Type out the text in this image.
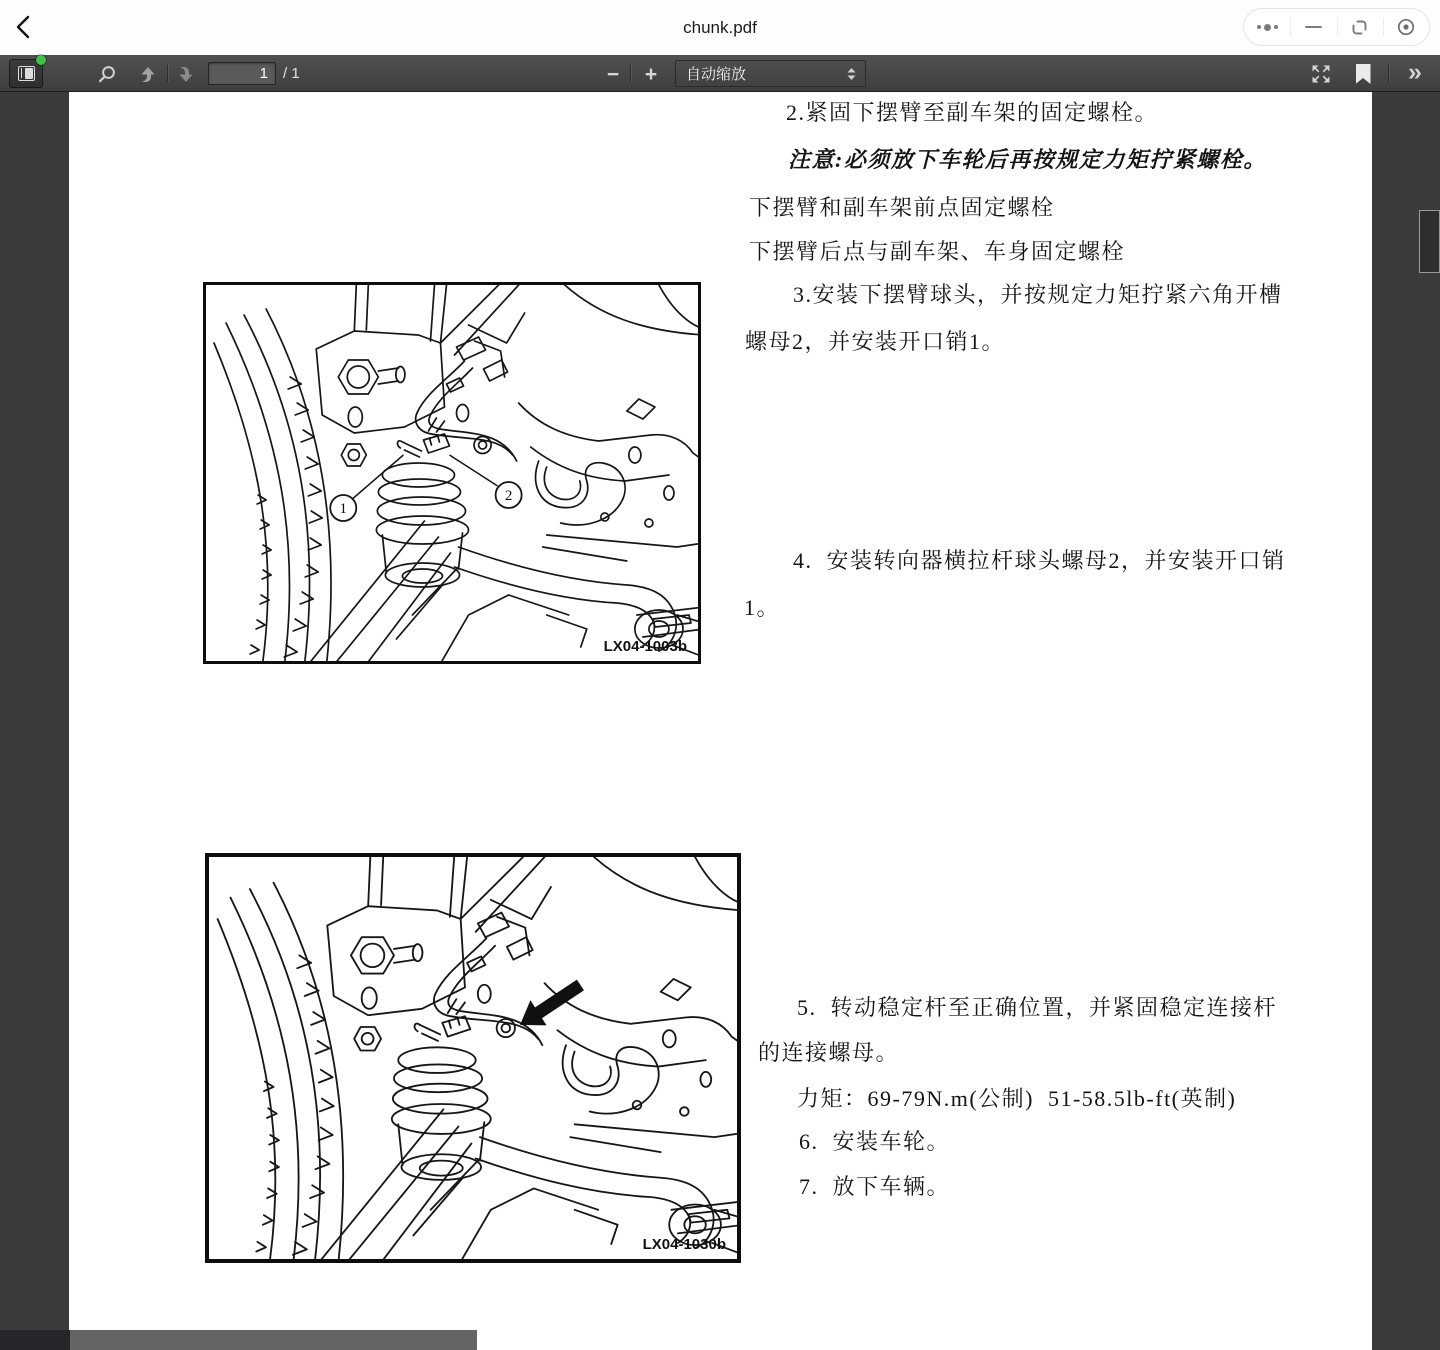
chunk.pdf
1
/ 1	− + 自动缩放	»
2.紧固下摆臂至副车架的固定螺栓。
注意:必须放下车轮后再按规定力矩拧紧螺栓。
下摆臂和副车架前点固定螺栓
下摆臂后点与副车架、车身固定螺栓
3.安装下摆臂球头，并按规定力矩拧紧六角开槽
螺母2，并安装开口销1。
4.  安装转向器横拉杆球头螺母2，并安装开口销
1。
5.  转动稳定杆至正确位置，并紧固稳定连接杆
的连接螺母。
力矩：69-79N.m(公制)  51-58.5lb-ft(英制)
6.  安装车轮。
7.  放下车辆。
1
2
LX04-1003b
LX04-1030b
